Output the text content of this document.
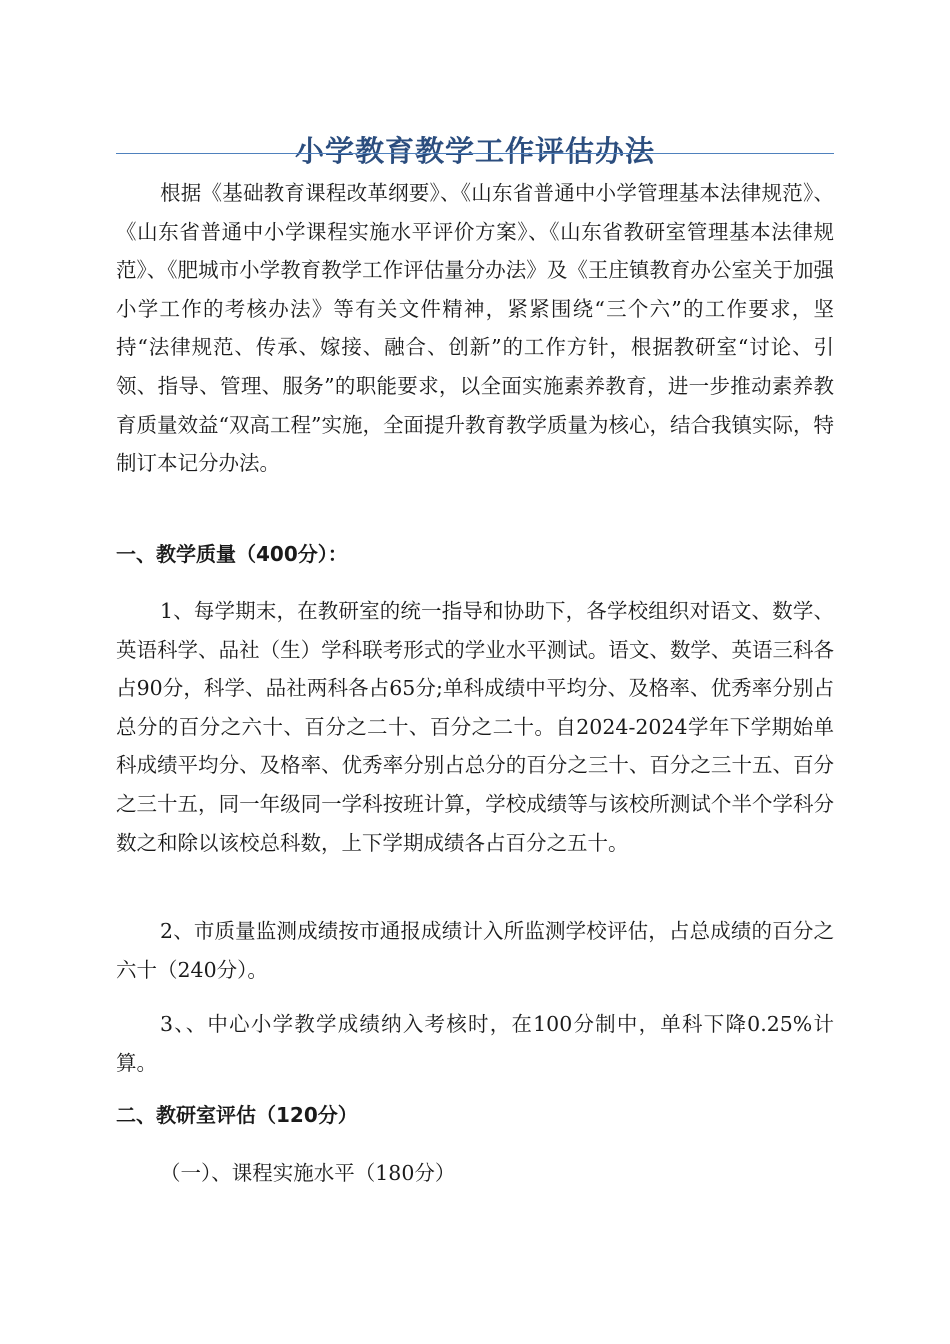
小学教育教学工作评估办法

根据《基础教育课程改革纲要》、《山东省普通中小学管理基本法律规范》、《山东省普通中小学课程实施水平评价方案》、《山东省教研室管理基本法律规范》、《肥城市小学教育教学工作评估量分办法》及《王庄镇教育办公室关于加强小学工作的考核办法》等有关文件精神，紧紧围绕“三个六”的工作要求，坚持“法律规范、传承、嫁接、融合、创新”的工作方针，根据教研室“讨论、引领、指导、管理、服务”的职能要求，以全面实施素养教育，进一步推动素养教育质量效益“双高工程”实施，全面提升教育教学质量为核心，结合我镇实际，特制订本记分办法。

一、教学质量（400分）：

1、每学期末，在教研室的统一指导和协助下，各学校组织对语文、数学、英语科学、品社（生）学科联考形式的学业水平测试。语文、数学、英语三科各占90分，科学、品社两科各占65分;单科成绩中平均分、及格率、优秀率分别占总分的百分之六十、百分之二十、百分之二十。自2024-2024学年下学期始单科成绩平均分、及格率、优秀率分别占总分的百分之三十、百分之三十五、百分之三十五，同一年级同一学科按班计算，学校成绩等与该校所测试个半个学科分数之和除以该校总科数，上下学期成绩各占百分之五十。

2、市质量监测成绩按市通报成绩计入所监测学校评估，占总成绩的百分之六十（240分）。

3、、中心小学教学成绩纳入考核时，在100分制中，单科下降0.25%计算。

二、教研室评估（120分）

（一）、课程实施水平（180分）
